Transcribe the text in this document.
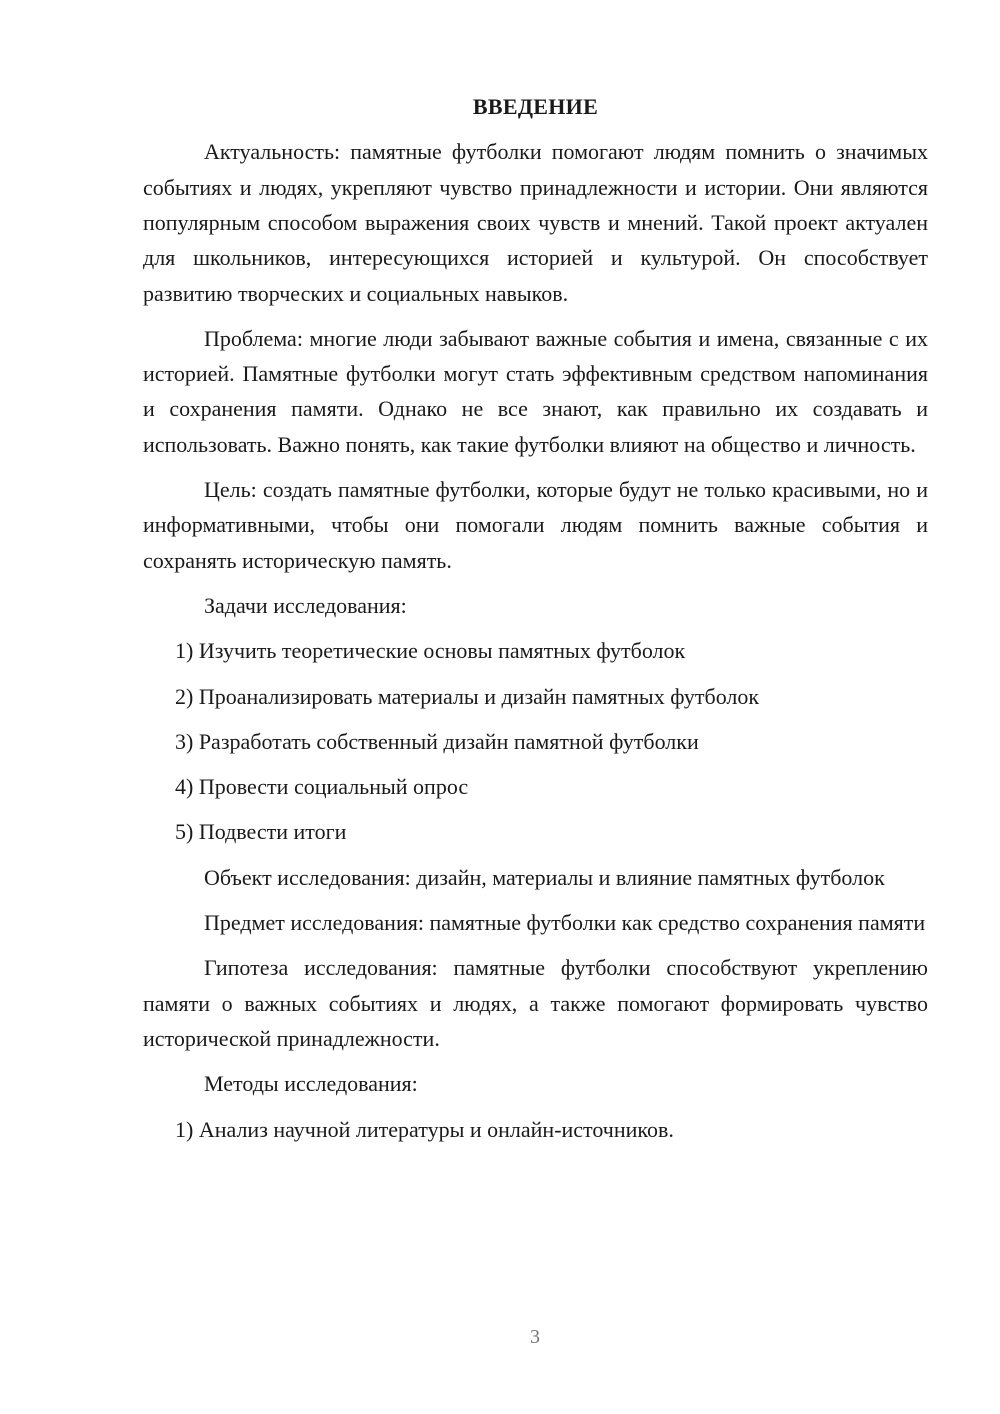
ВВЕДЕНИЕ

Актуальность: памятные футболки помогают людям помнить о значимых событиях и людях, укрепляют чувство принадлежности и истории. Они являются популярным способом выражения своих чувств и мнений. Такой проект актуален для школьников, интересующихся историей и культурой. Он способствует развитию творческих и социальных навыков.

Проблема: многие люди забывают важные события и имена, связанные с их историей. Памятные футболки могут стать эффективным средством напоминания и сохранения памяти. Однако не все знают, как правильно их создавать и использовать. Важно понять, как такие футболки влияют на общество и личность.

Цель: создать памятные футболки, которые будут не только красивыми, но и информативными, чтобы они помогали людям помнить важные события и сохранять историческую память.

Задачи исследования:

1) Изучить теоретические основы памятных футболок

2) Проанализировать материалы и дизайн памятных футболок

3) Разработать собственный дизайн памятной футболки

4) Провести социальный опрос

5) Подвести итоги

Объект исследования: дизайн, материалы и влияние памятных футболок

Предмет исследования: памятные футболки как средство сохранения памяти

Гипотеза исследования: памятные футболки способствуют укреплению памяти о важных событиях и людях, а также помогают формировать чувство исторической принадлежности.

Методы исследования:

1) Анализ научной литературы и онлайн-источников.

3
